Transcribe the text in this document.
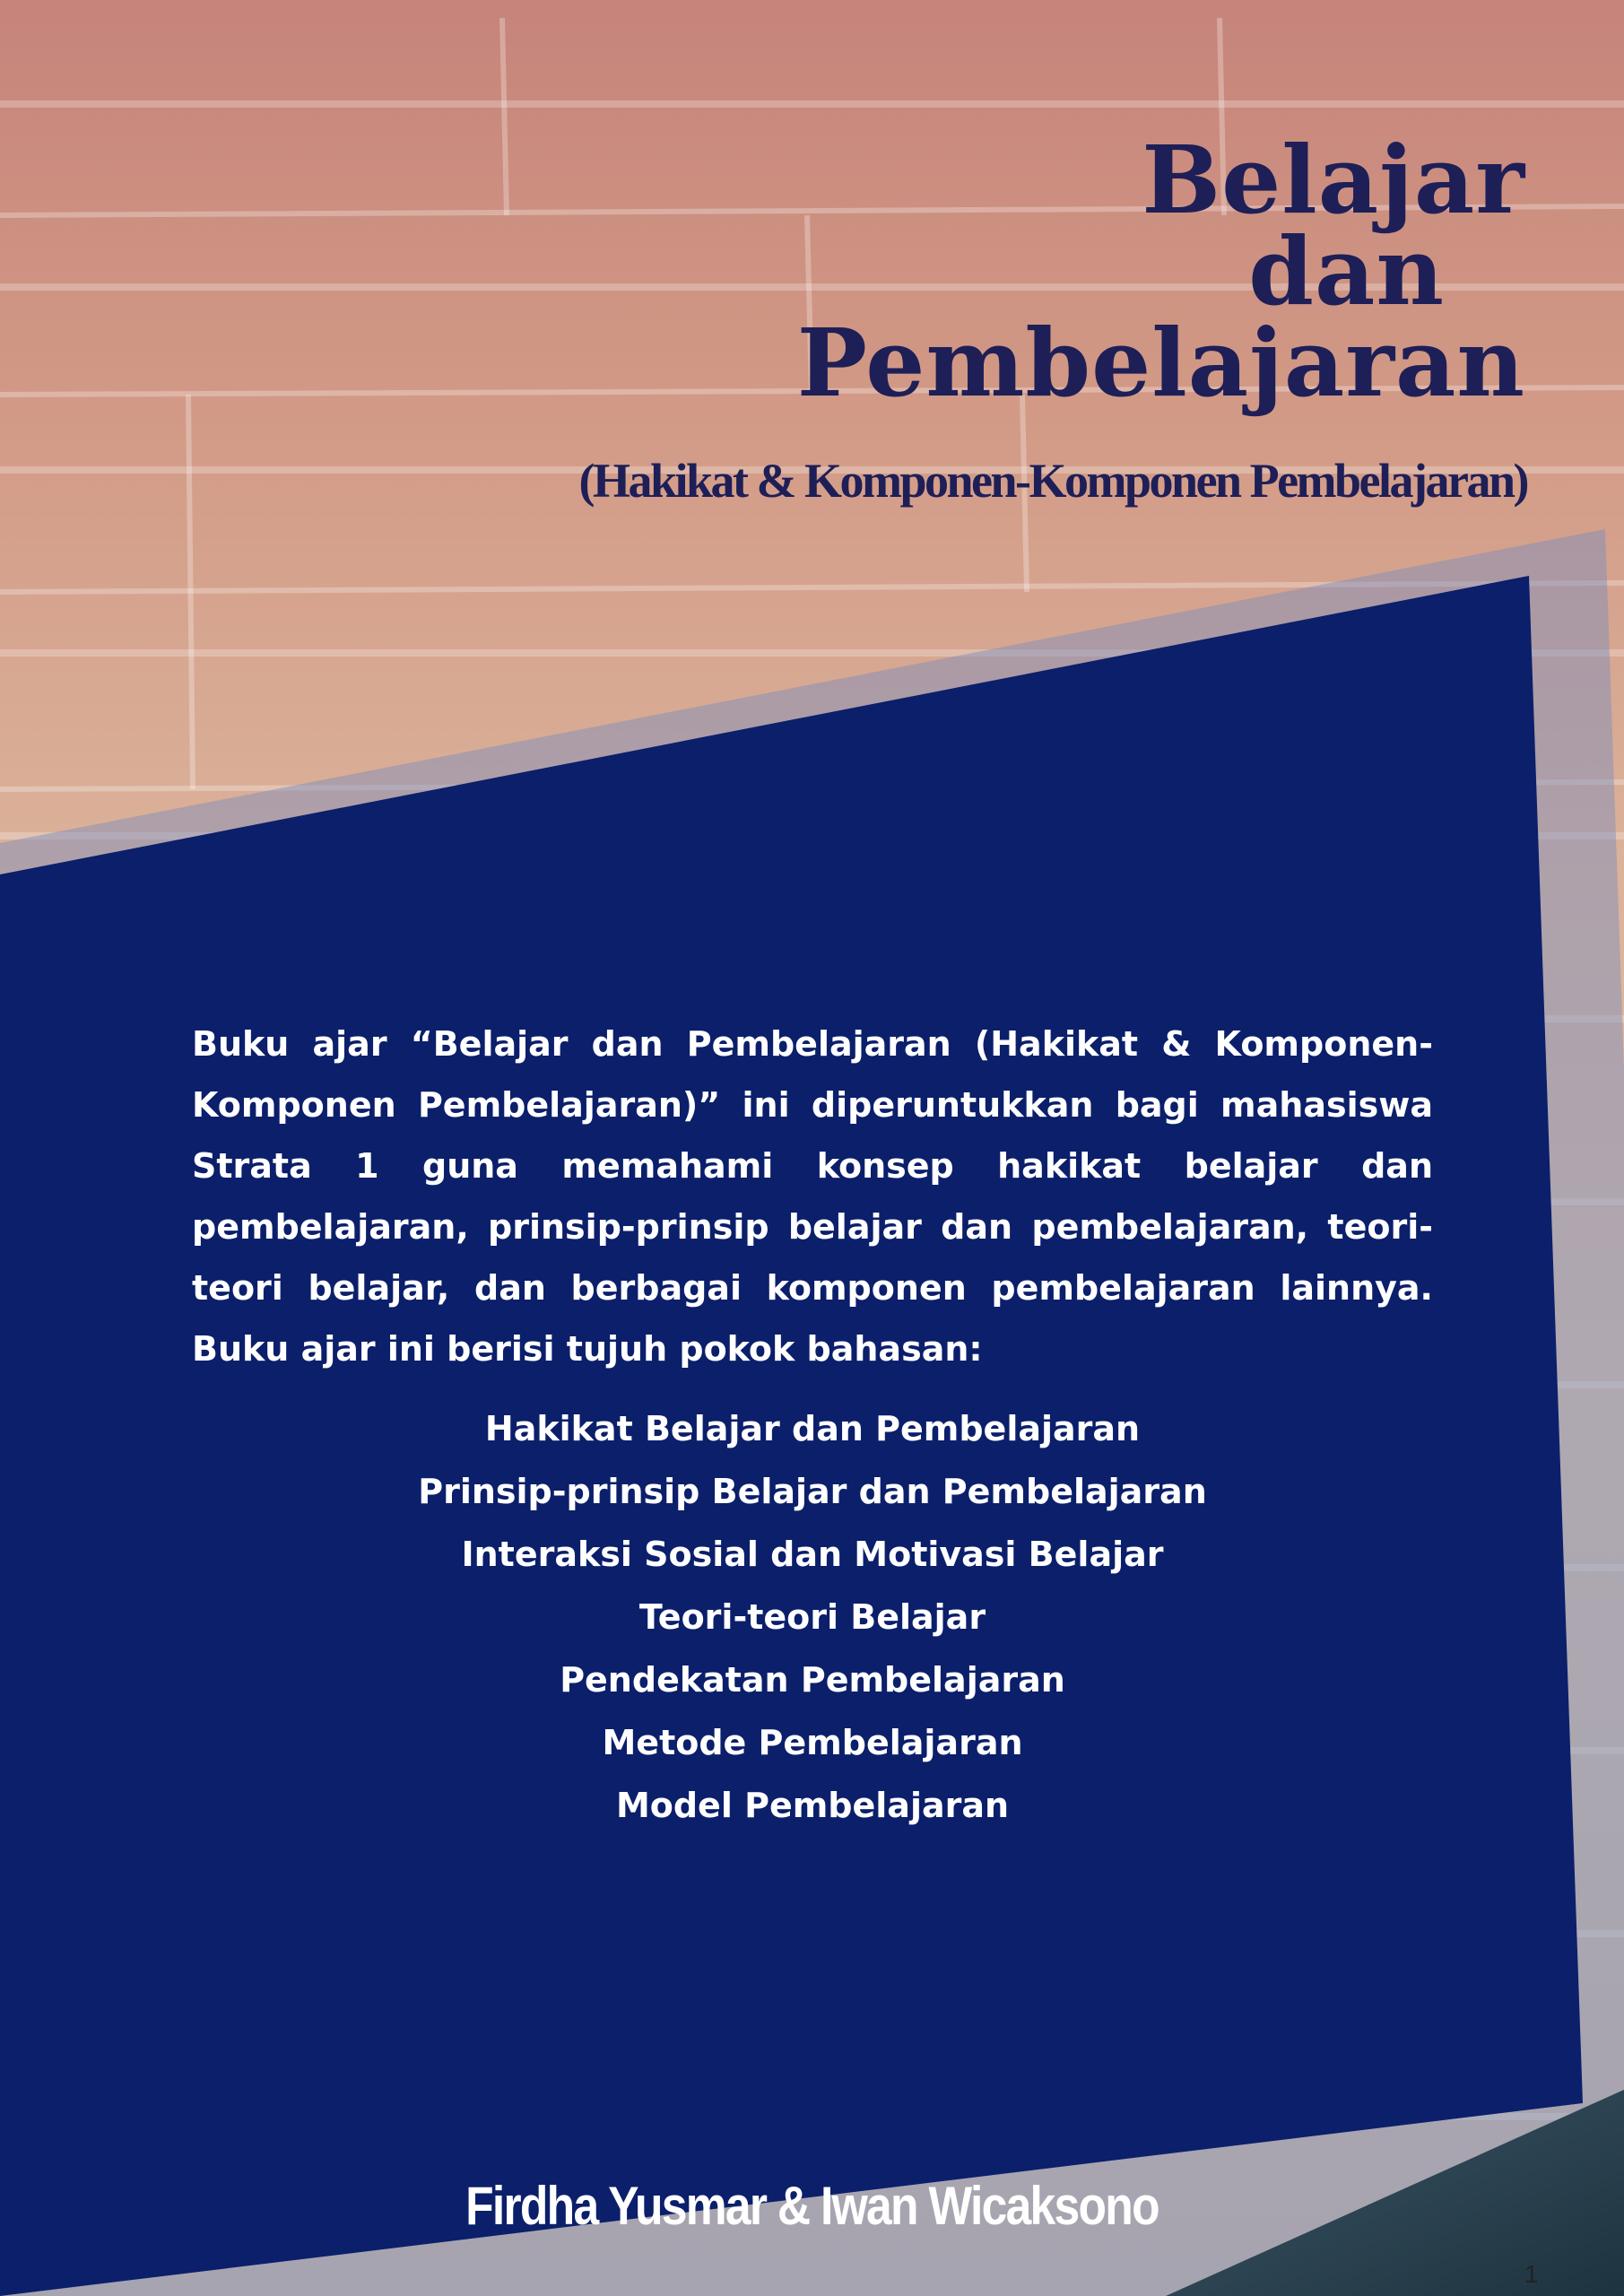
Belajar
dan
Pembelajaran
(Hakikat & Komponen-Komponen Pembelajaran)

Buku ajar “Belajar dan Pembelajaran (Hakikat & Komponen-Komponen Pembelajaran)” ini diperuntukkan bagi mahasiswa Strata 1 guna memahami konsep hakikat belajar dan pembelajaran, prinsip-prinsip belajar dan pembelajaran, teori-teori belajar, dan berbagai komponen pembelajaran lainnya. Buku ajar ini berisi tujuh pokok bahasan:

Hakikat Belajar dan Pembelajaran
Prinsip-prinsip Belajar dan Pembelajaran
Interaksi Sosial dan Motivasi Belajar
Teori-teori Belajar
Pendekatan Pembelajaran
Metode Pembelajaran
Model Pembelajaran
Firdha Yusmar & Iwan Wicaksono
1
